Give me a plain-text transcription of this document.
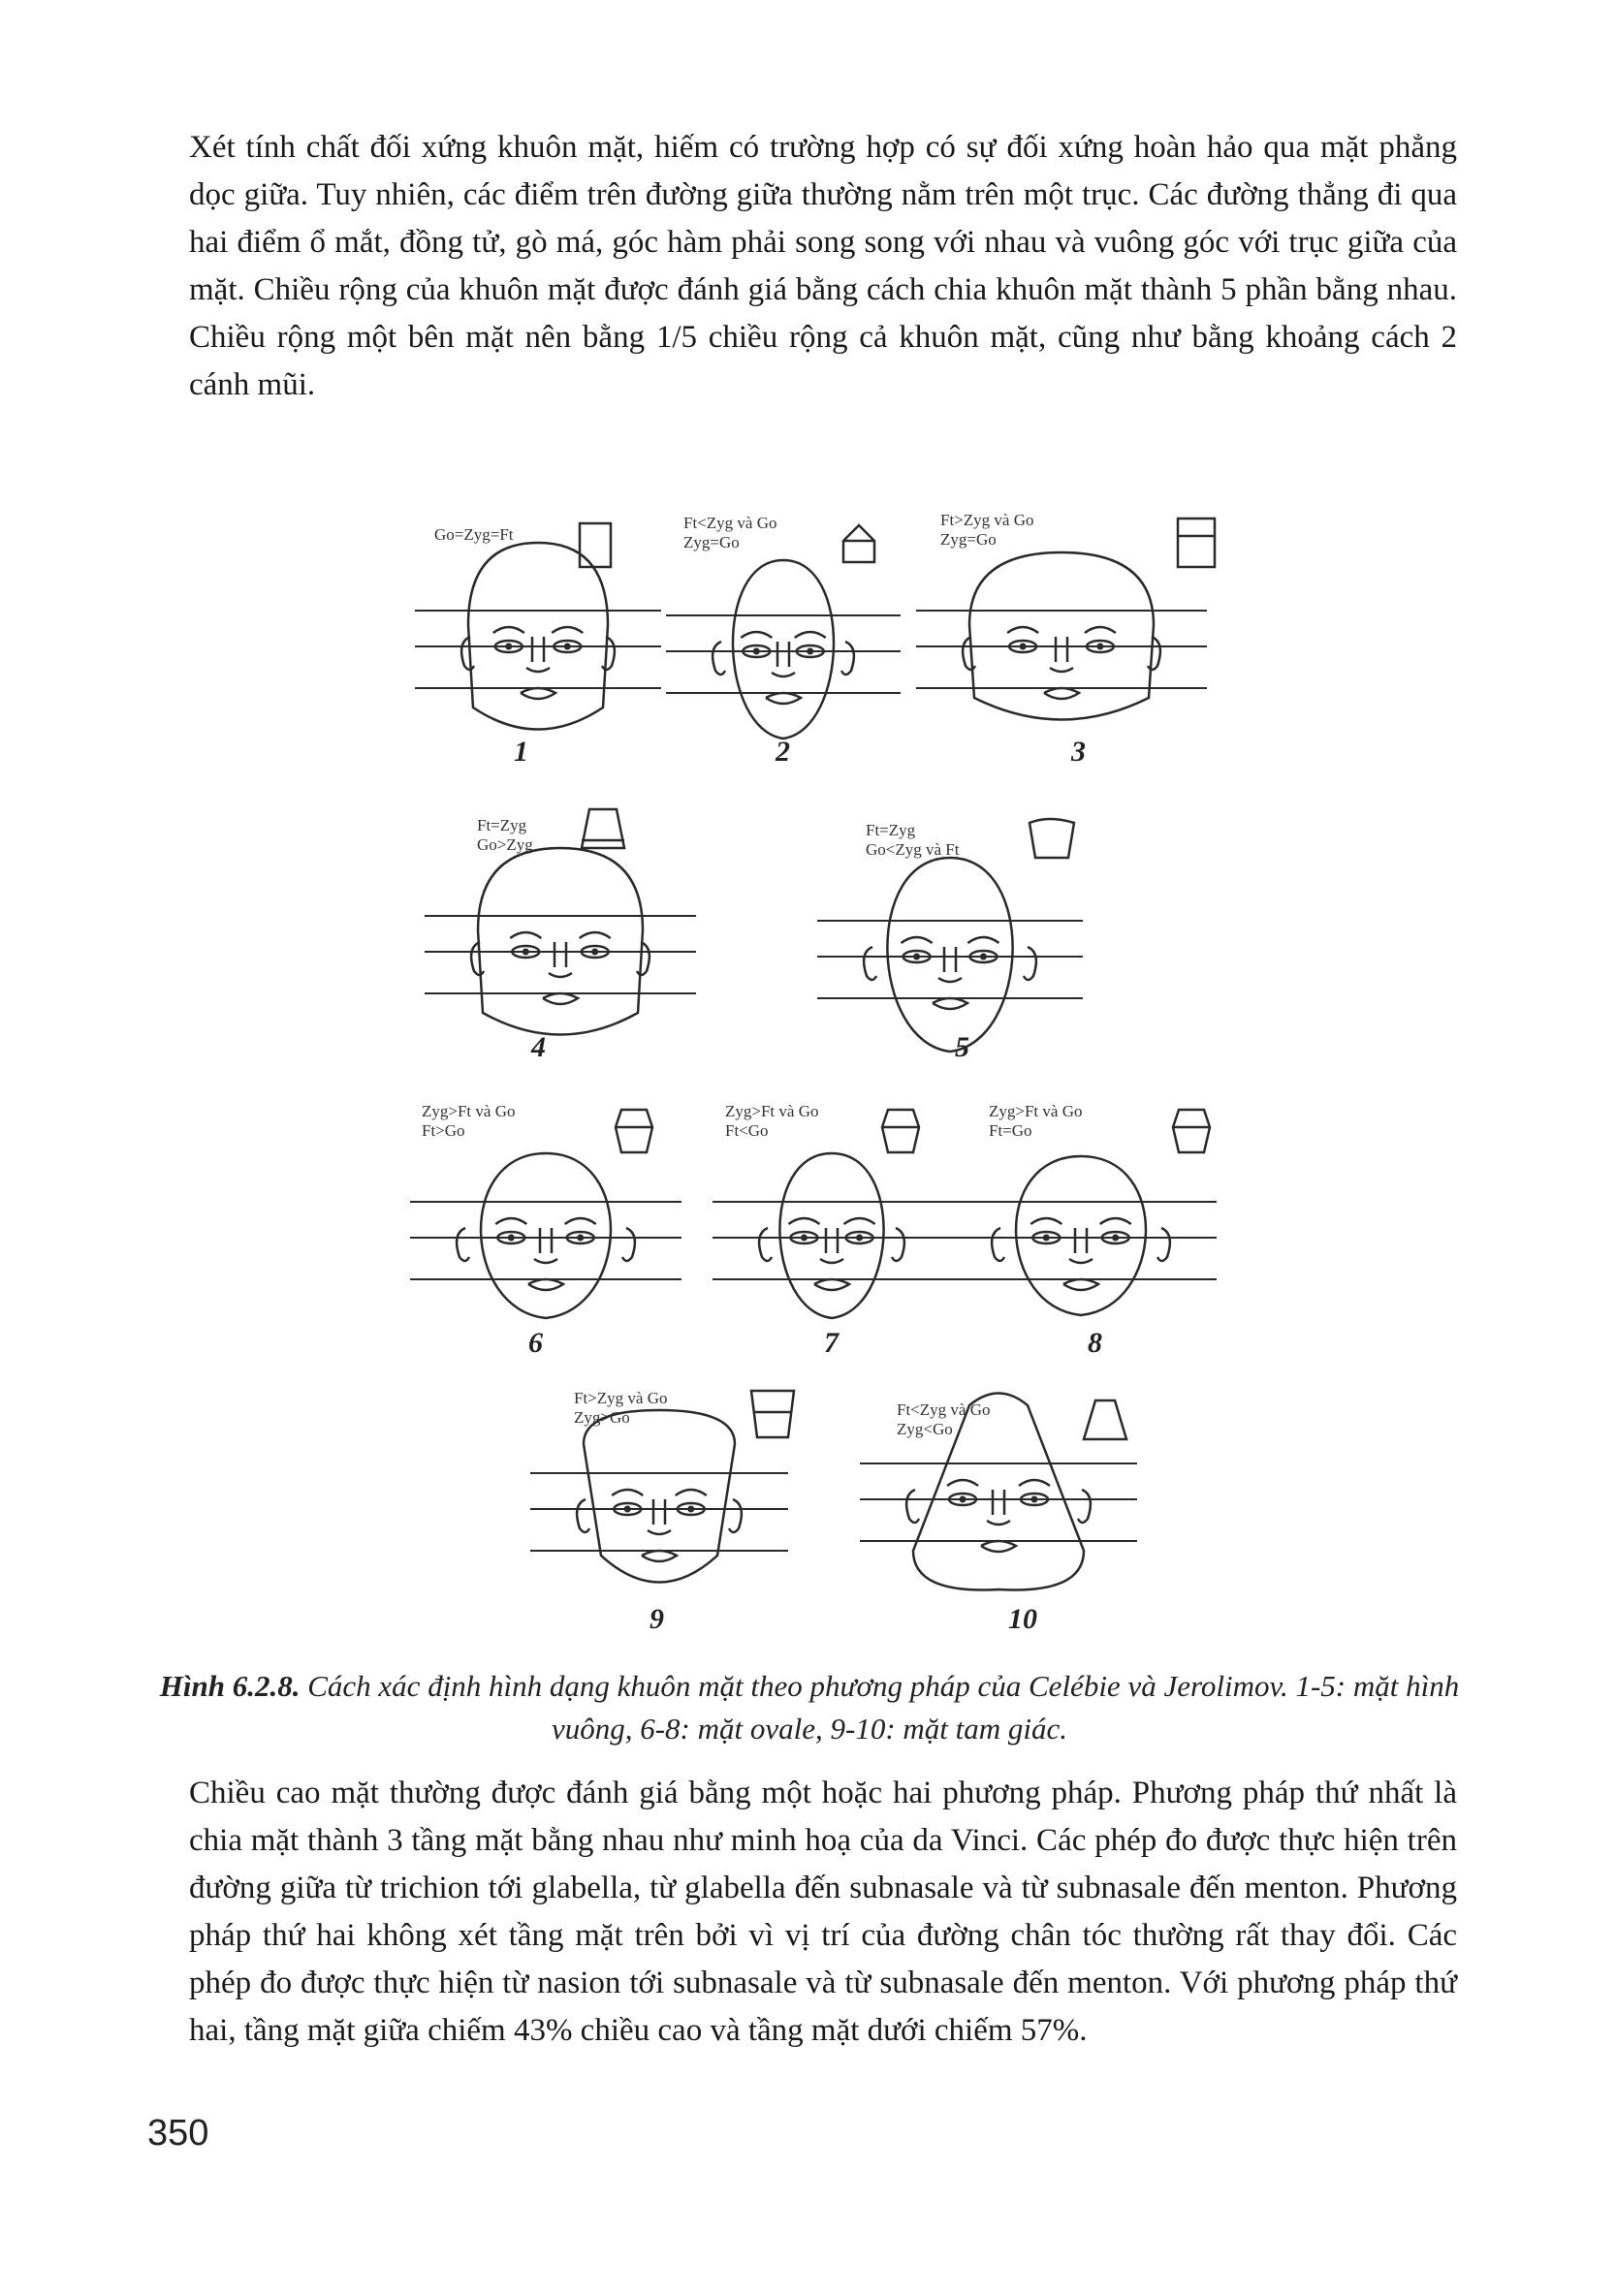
Xét tính chất đối xứng khuôn mặt, hiếm có trường hợp có sự đối xứng hoàn hảo qua mặt phẳng dọc giữa. Tuy nhiên, các điểm trên đường giữa thường nằm trên một trục. Các đường thẳng đi qua hai điểm ổ mắt, đồng tử, gò má, góc hàm phải song song với nhau và vuông góc với trục giữa của mặt. Chiều rộng của khuôn mặt được đánh giá bằng cách chia khuôn mặt thành 5 phần bằng nhau. Chiều rộng một bên mặt nên bằng 1/5 chiều rộng cả khuôn mặt, cũng như bằng khoảng cách 2 cánh mũi.

Go=Zyg=Ft
1
Ft<Zyg và Go
Zyg=Go
2
Ft>Zyg và Go
Zyg=Go
3
Ft=Zyg
Go>Zyg
4
Ft=Zyg
Go<Zyg và Ft
5
Zyg>Ft và Go
Ft>Go
6
Zyg>Ft và Go
Ft<Go
7
Zyg>Ft và Go
Ft=Go
8
Ft>Zyg và Go
Zyg>Go
9
Ft<Zyg và Go
Zyg<Go
10
Hình 6.2.8. Cách xác định hình dạng khuôn mặt theo phương pháp của Celébie và Jerolimov. 1-5: mặt hình vuông, 6-8: mặt ovale, 9-10: mặt tam giác.

Chiều cao mặt thường được đánh giá bằng một hoặc hai phương pháp. Phương pháp thứ nhất là chia mặt thành 3 tầng mặt bằng nhau như minh hoạ của da Vinci. Các phép đo được thực hiện trên đường giữa từ trichion tới glabella, từ glabella đến subnasale và từ subnasale đến menton. Phương pháp thứ hai không xét tầng mặt trên bởi vì vị trí của đường chân tóc thường rất thay đổi. Các phép đo được thực hiện từ nasion tới subnasale và từ subnasale đến menton. Với phương pháp thứ hai, tầng mặt giữa chiếm 43% chiều cao và tầng mặt dưới chiếm 57%.

350
